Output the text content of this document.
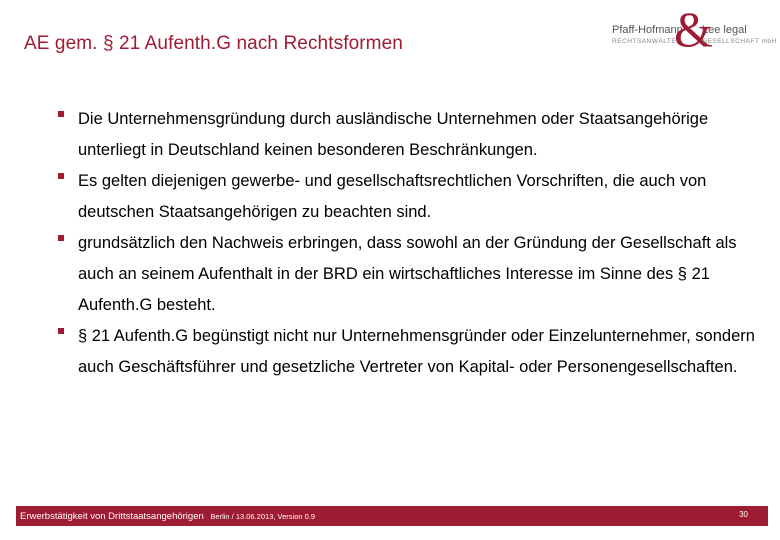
AE gem. § 21 Aufenth.G nach Rechtsformen
Pfaff-Hofmann
&
Lee legal
RECHTSANWÄLTE	GESELLSCHAFT mbH
Die Unternehmensgründung durch ausländische Unternehmen oder Staatsangehörige unterliegt in Deutschland keinen besonderen Beschränkungen.
Es gelten diejenigen gewerbe- und gesellschaftsrechtlichen Vorschriften, die auch von deutschen Staatsangehörigen zu beachten sind.
grundsätzlich den Nachweis erbringen, dass sowohl an der Gründung der Gesellschaft als auch an seinem Aufenthalt in der BRD ein wirtschaftliches Interesse im Sinne des § 21 Aufenth.G besteht.
§ 21 Aufenth.G begünstigt nicht nur Unternehmensgründer oder Einzelunternehmer, sondern auch Geschäftsführer und gesetzliche Vertreter von Kapital- oder Personengesellschaften.
Erwerbstätigkeit von Drittstaatsangehörigen Berlin / 13.06.2013, Version 0.9	30
